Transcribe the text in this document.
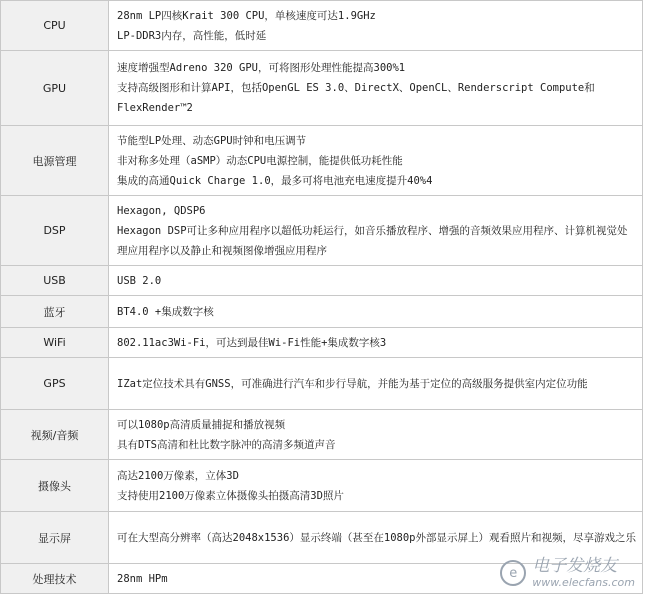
CPU	28nm LP四核Krait 300 CPU，单核速度可达1.9GHz
LP-DDR3内存，高性能，低时延

GPU	速度增强型Adreno 320 GPU，可将图形处理性能提高300%1
支持高级图形和计算API，包括OpenGL ES 3.0、DirectX、OpenCL、Renderscript Compute和FlexRender™2

电源管理	节能型LP处理、动态GPU时钟和电压调节
非对称多处理（aSMP）动态CPU电源控制，能提供低功耗性能
集成的高通Quick Charge 1.0，最多可将电池充电速度提升40%4

DSP	Hexagon, QDSP6
Hexagon DSP可让多种应用程序以超低功耗运行，如音乐播放程序、增强的音频效果应用程序、计算机视觉处理应用程序以及静止和视频图像增强应用程序

USB	USB 2.0

蓝牙	BT4.0 +集成数字核

WiFi	802.11ac3Wi-Fi，可达到最佳Wi-Fi性能+集成数字核3

GPS	IZat定位技术具有GNSS，可准确进行汽车和步行导航，并能为基于定位的高级服务提供室内定位功能

视频/音频	可以1080p高清质量捕捉和播放视频
具有DTS高清和杜比数字脉冲的高清多频道声音

摄像头	高达2100万像素，立体3D
支持使用2100万像素立体摄像头拍摄高清3D照片

显示屏	可在大型高分辨率（高达2048x1536）显示终端（甚至在1080p外部显示屏上）观看照片和视频，尽享游戏之乐

处理技术	28nm HPm	e 电子发烧友
www.elecfans.com
